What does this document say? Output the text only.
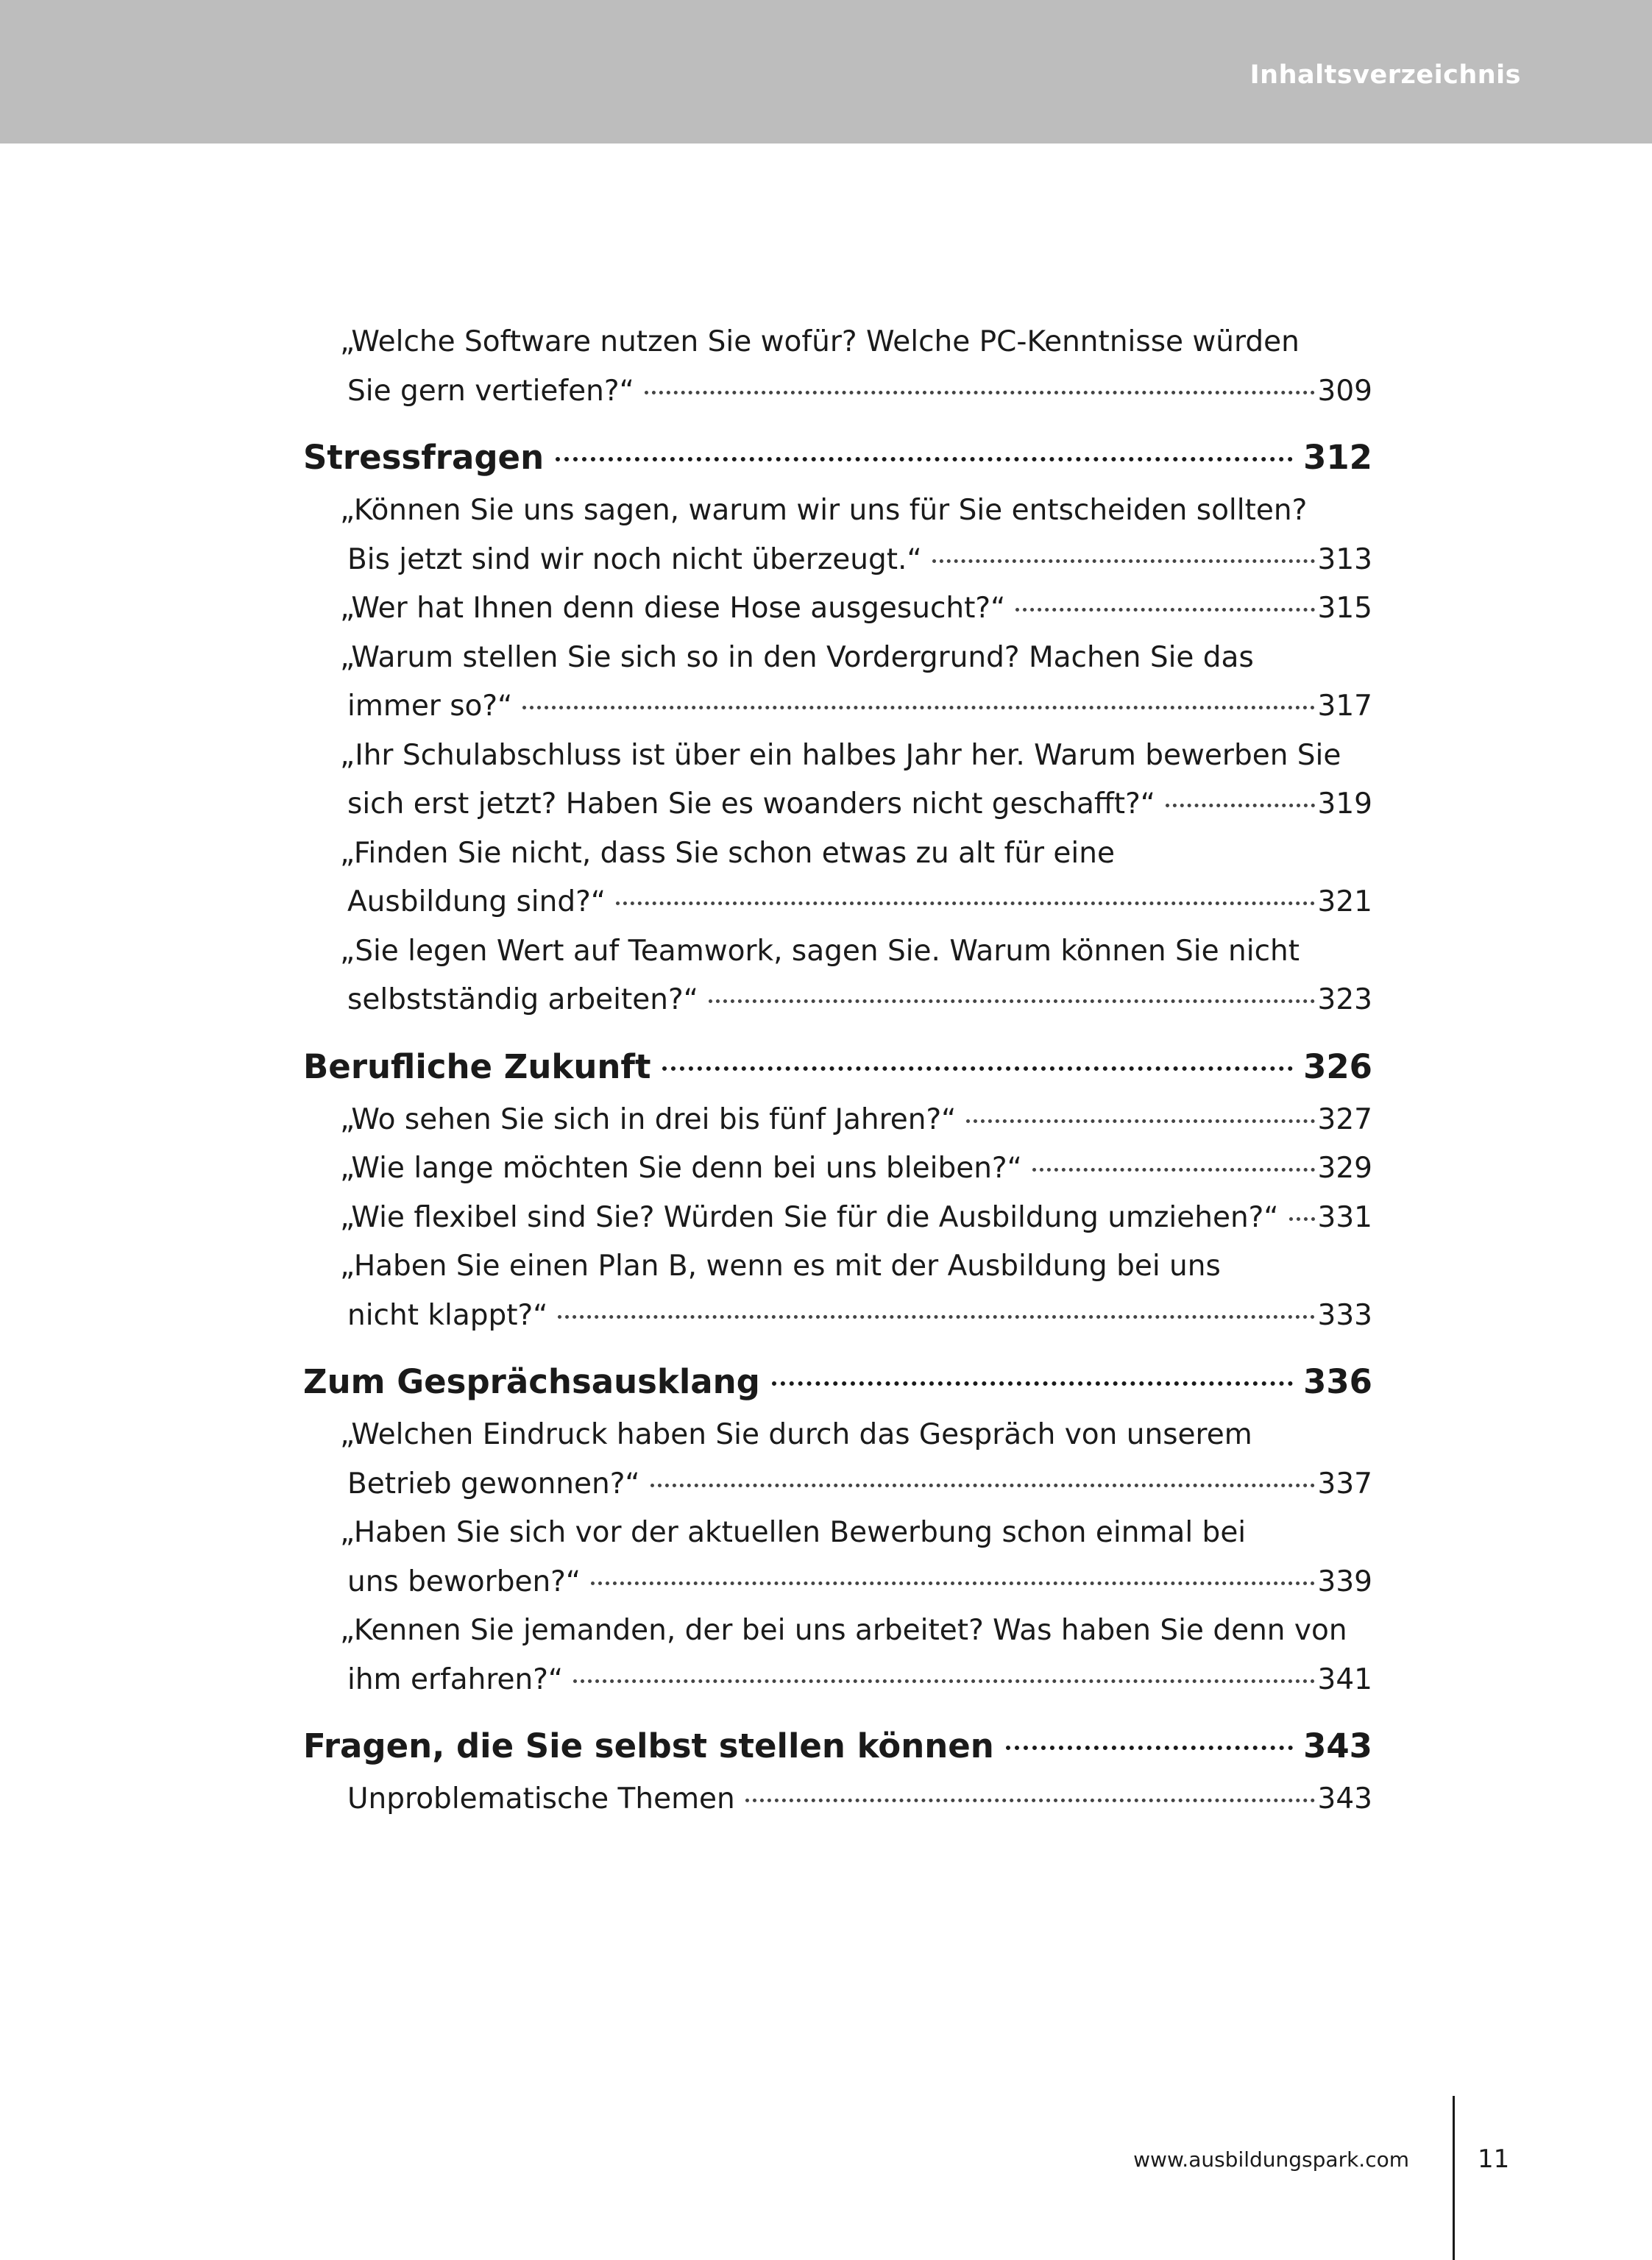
Inhaltsverzeichnis
„Welche Software nutzen Sie wofür? Welche PC-Kenntnisse würden
Sie gern vertiefen?“	309
Stressfragen	312
„Können Sie uns sagen, warum wir uns für Sie entscheiden sollten?
Bis jetzt sind wir noch nicht überzeugt.“	313
„Wer hat Ihnen denn diese Hose ausgesucht?“	315
„Warum stellen Sie sich so in den Vordergrund? Machen Sie das
immer so?“	317
„Ihr Schulabschluss ist über ein halbes Jahr her. Warum bewerben Sie
sich erst jetzt? Haben Sie es woanders nicht geschafft?“	319
„Finden Sie nicht, dass Sie schon etwas zu alt für eine
Ausbildung sind?“	321
„Sie legen Wert auf Teamwork, sagen Sie. Warum können Sie nicht
selbstständig arbeiten?“	323
Berufliche Zukunft	326
„Wo sehen Sie sich in drei bis fünf Jahren?“	327
„Wie lange möchten Sie denn bei uns bleiben?“	329
„Wie flexibel sind Sie? Würden Sie für die Ausbildung umziehen?“ 331
„Haben Sie einen Plan B, wenn es mit der Ausbildung bei uns
nicht klappt?“	333
Zum Gesprächsausklang	336
„Welchen Eindruck haben Sie durch das Gespräch von unserem
Betrieb gewonnen?“	337
„Haben Sie sich vor der aktuellen Bewerbung schon einmal bei
uns beworben?“	339
„Kennen Sie jemanden, der bei uns arbeitet? Was haben Sie denn von
ihm erfahren?“	341
Fragen, die Sie selbst stellen können	343
Unproblematische Themen	343
www.ausbildungspark.com	11
